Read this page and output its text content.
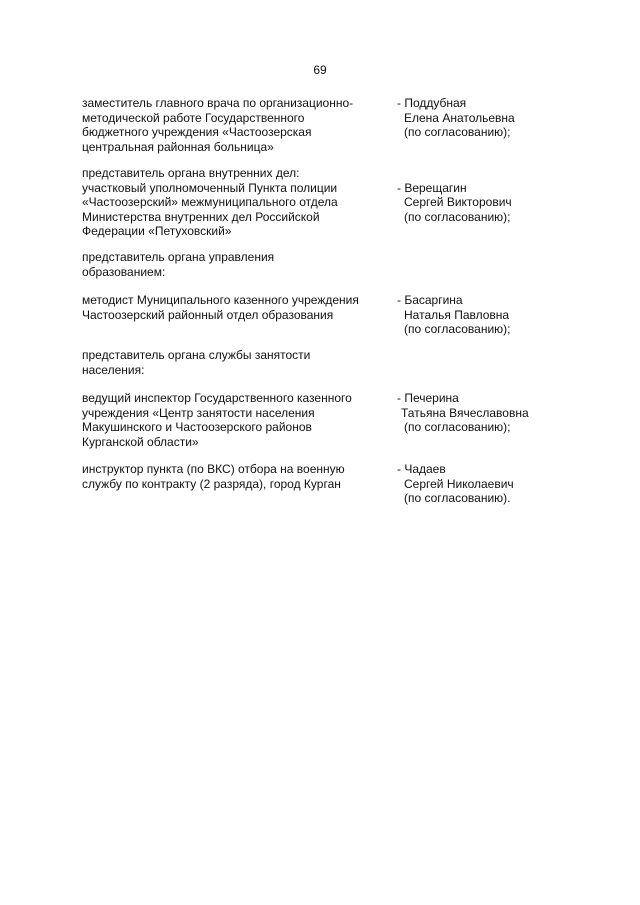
69
заместитель главного врача по организационно-
методической работе Государственного
бюджетного учреждения «Частоозерская
центральная районная больница»
- Поддубная
Елена Анатольевна
(по согласованию);
представитель органа внутренних дел:
участковый уполномоченный Пункта полиции
«Частоозерский» межмуниципального отдела
Министерства внутренних дел Российской
Федерации «Петуховский»
- Верещагин
Сергей Викторович
(по согласованию);
представитель органа управления
образованием:
методист Муниципального казенного учреждения
Частоозерский районный отдел образования
- Басаргина
Наталья Павловна
(по согласованию);
представитель органа службы занятости
населения:
ведущий инспектор Государственного казенного
учреждения «Центр занятости населения
Макушинского и Частоозерского районов
Курганской области»
- Печерина
Татьяна Вячеславовна
(по согласованию);
инструктор пункта (по ВКС) отбора на военную
службу по контракту (2 разряда), город Курган
- Чадаев
Сергей Николаевич
(по согласованию).
